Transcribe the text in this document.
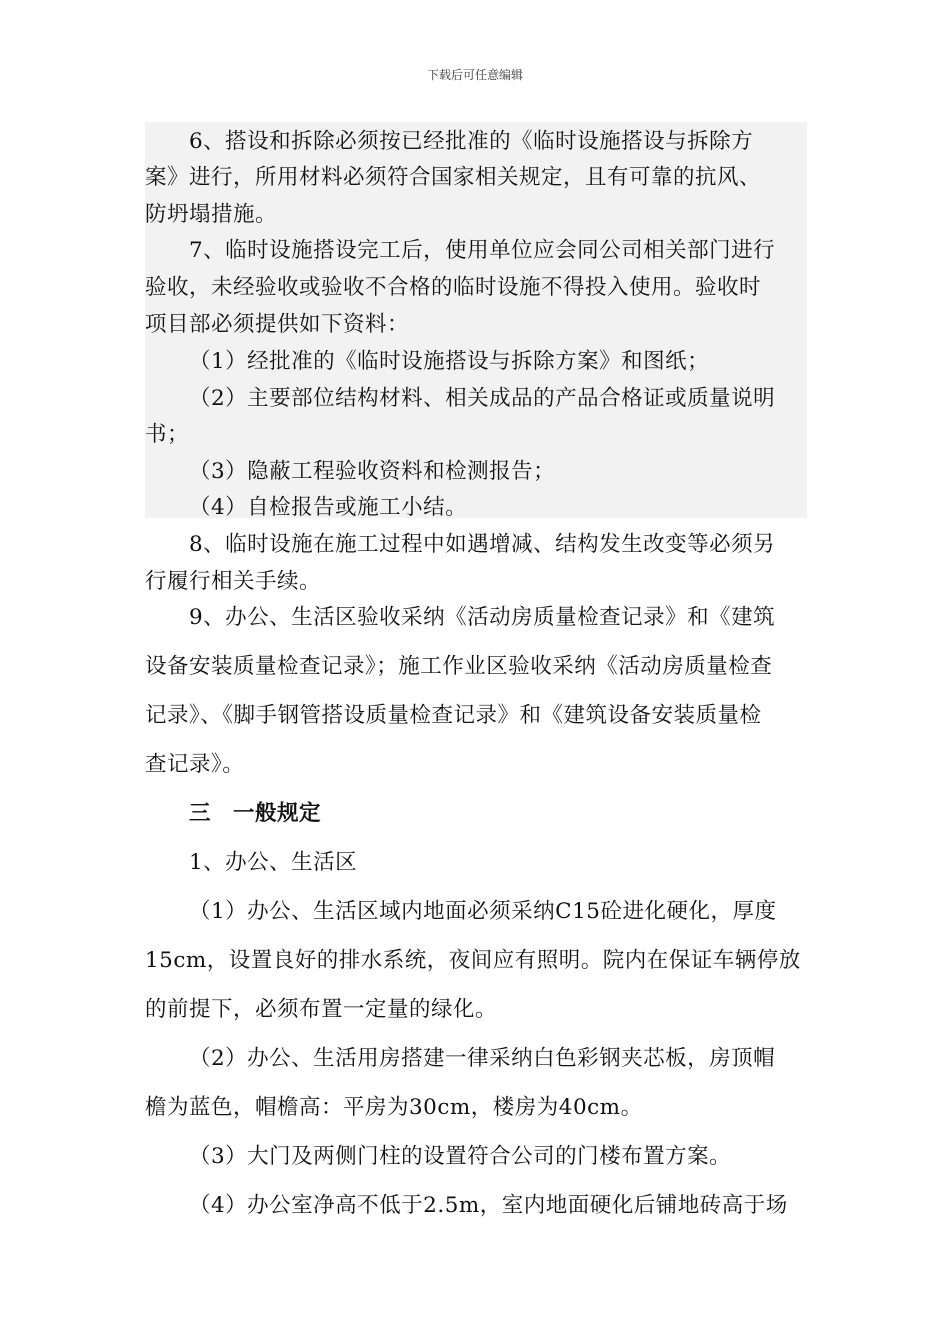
下载后可任意编辑
6、搭设和拆除必须按已经批准的《临时设施搭设与拆除方
案》进行，所用材料必须符合国家相关规定，且有可靠的抗风、
防坍塌措施。
7、临时设施搭设完工后，使用单位应会同公司相关部门进行
验收，未经验收或验收不合格的临时设施不得投入使用。验收时
项目部必须提供如下资料：
（1）经批准的《临时设施搭设与拆除方案》和图纸；
（2）主要部位结构材料、相关成品的产品合格证或质量说明
书；
（3）隐蔽工程验收资料和检测报告；
（4）自检报告或施工小结。
8、临时设施在施工过程中如遇增减、结构发生改变等必须另
行履行相关手续。
9、办公、生活区验收采纳《活动房质量检查记录》和《建筑
设备安装质量检查记录》；施工作业区验收采纳《活动房质量检查
记录》、《脚手钢管搭设质量检查记录》和《建筑设备安装质量检
查记录》。
三　一般规定
1、办公、生活区
（1）办公、生活区域内地面必须采纳C15砼进化硬化，厚度
15cm，设置良好的排水系统，夜间应有照明。院内在保证车辆停放
的前提下，必须布置一定量的绿化。
（2）办公、生活用房搭建一律采纳白色彩钢夹芯板，房顶帽
檐为蓝色，帽檐高：平房为30cm，楼房为40cm。
（3）大门及两侧门柱的设置符合公司的门楼布置方案。
（4）办公室净高不低于2.5m，室内地面硬化后铺地砖高于场
